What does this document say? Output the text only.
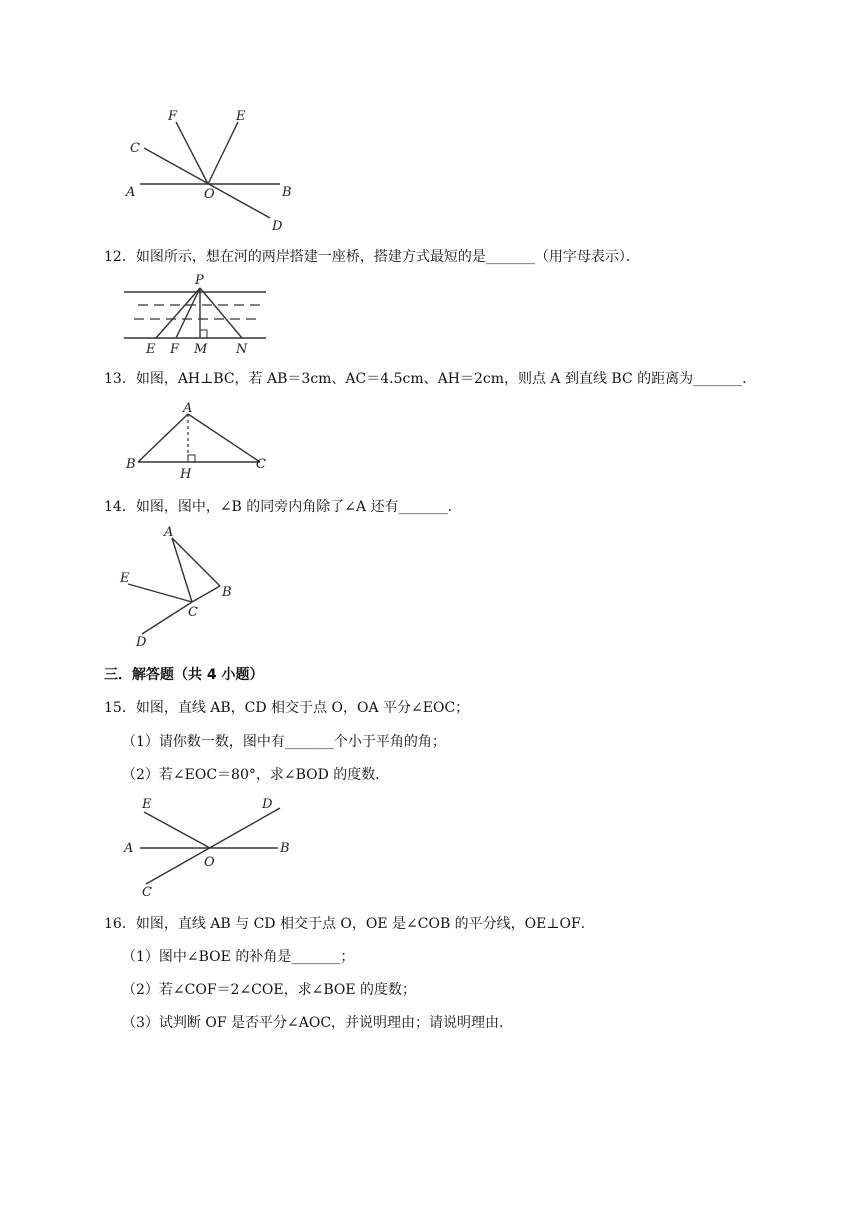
F	E
C
A	O	B
D
12．如图所示，想在河的两岸搭建一座桥，搭建方式最短的是_______（用字母表示）．
P
E F M N
13．如图，AH⊥BC，若 AB＝3cm、AC＝4.5cm、AH＝2cm，则点 A 到直线 BC 的距离为_______.
A
B
H
C
14．如图，图中，∠B 的同旁内角除了∠A 还有_______.
A
E
B
C
D
三．解答题（共 4 小题）
15．如图，直线 AB，CD 相交于点 O，OA 平分∠EOC；
（1）请你数一数，图中有_______个小于平角的角；
（2）若∠EOC＝80°，求∠BOD 的度数．
E	D
A
O
B
C
16．如图，直线 AB 与 CD 相交于点 O，OE 是∠COB 的平分线，OE⊥OF．
（1）图中∠BOE 的补角是_______；
（2）若∠COF＝2∠COE，求∠BOE 的度数；
（3）试判断 OF 是否平分∠AOC，并说明理由；请说明理由．
